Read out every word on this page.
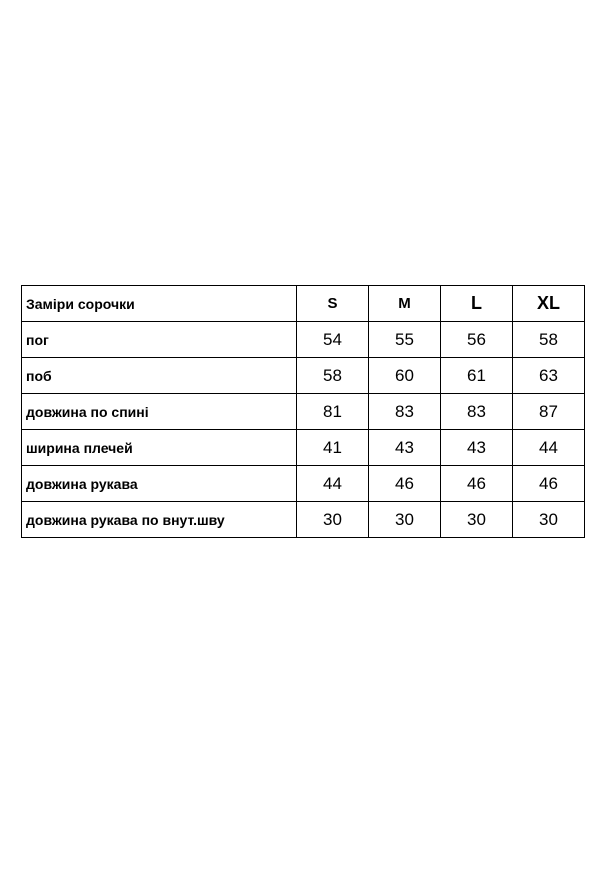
Заміри сорочки	S	M	L	XL
пог	54	55	56	58
поб	58	60	61	63
довжина по спині	81	83	83	87
ширина плечей	41	43	43	44
довжина рукава	44	46	46	46
довжина рукава по внут.шву	30	30	30	30
